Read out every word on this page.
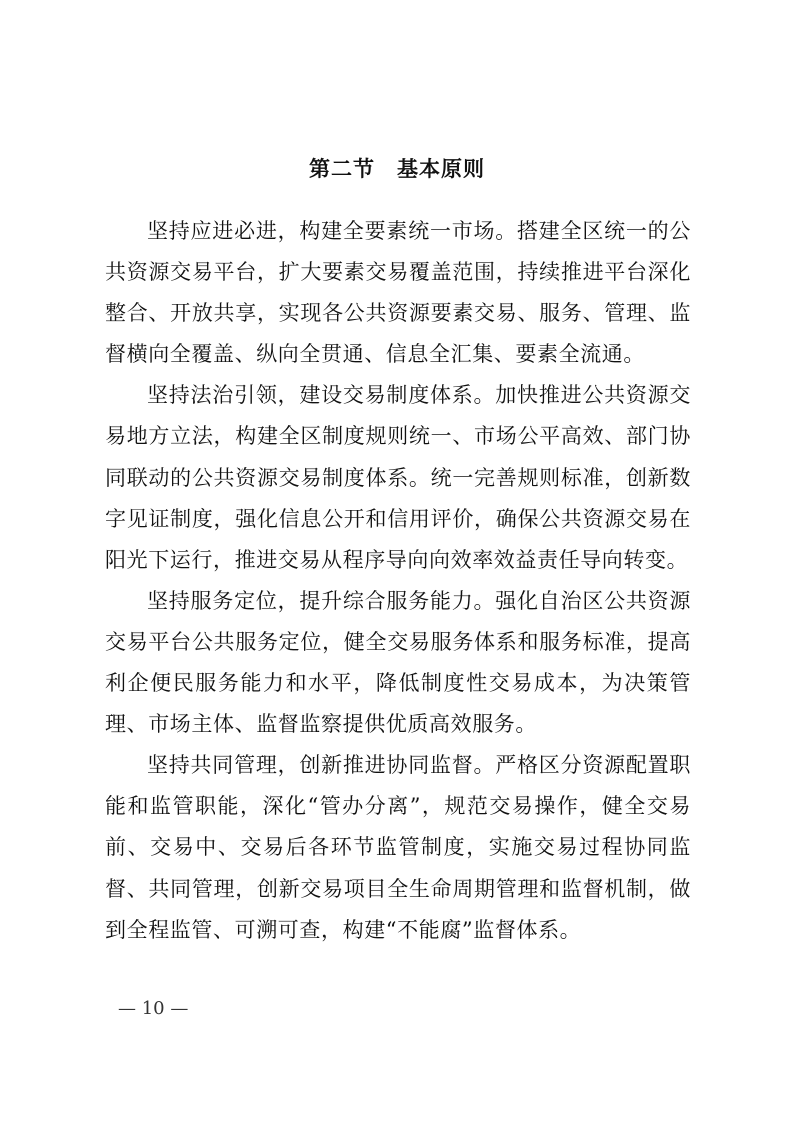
第二节　基本原则

坚持应进必进，构建全要素统一市场。搭建全区统一的公共资源交易平台，扩大要素交易覆盖范围，持续推进平台深化整合、开放共享，实现各公共资源要素交易、服务、管理、监督横向全覆盖、纵向全贯通、信息全汇集、要素全流通。

坚持法治引领，建设交易制度体系。加快推进公共资源交易地方立法，构建全区制度规则统一、市场公平高效、部门协同联动的公共资源交易制度体系。统一完善规则标准，创新数字见证制度，强化信息公开和信用评价，确保公共资源交易在阳光下运行，推进交易从程序导向向效率效益责任导向转变。

坚持服务定位，提升综合服务能力。强化自治区公共资源交易平台公共服务定位，健全交易服务体系和服务标准，提高利企便民服务能力和水平，降低制度性交易成本，为决策管理、市场主体、监督监察提供优质高效服务。

坚持共同管理，创新推进协同监督。严格区分资源配置职能和监管职能，深化“管办分离”，规范交易操作，健全交易前、交易中、交易后各环节监管制度，实施交易过程协同监督、共同管理，创新交易项目全生命周期管理和监督机制，做到全程监管、可溯可查，构建“不能腐”监督体系。

— 10 —
